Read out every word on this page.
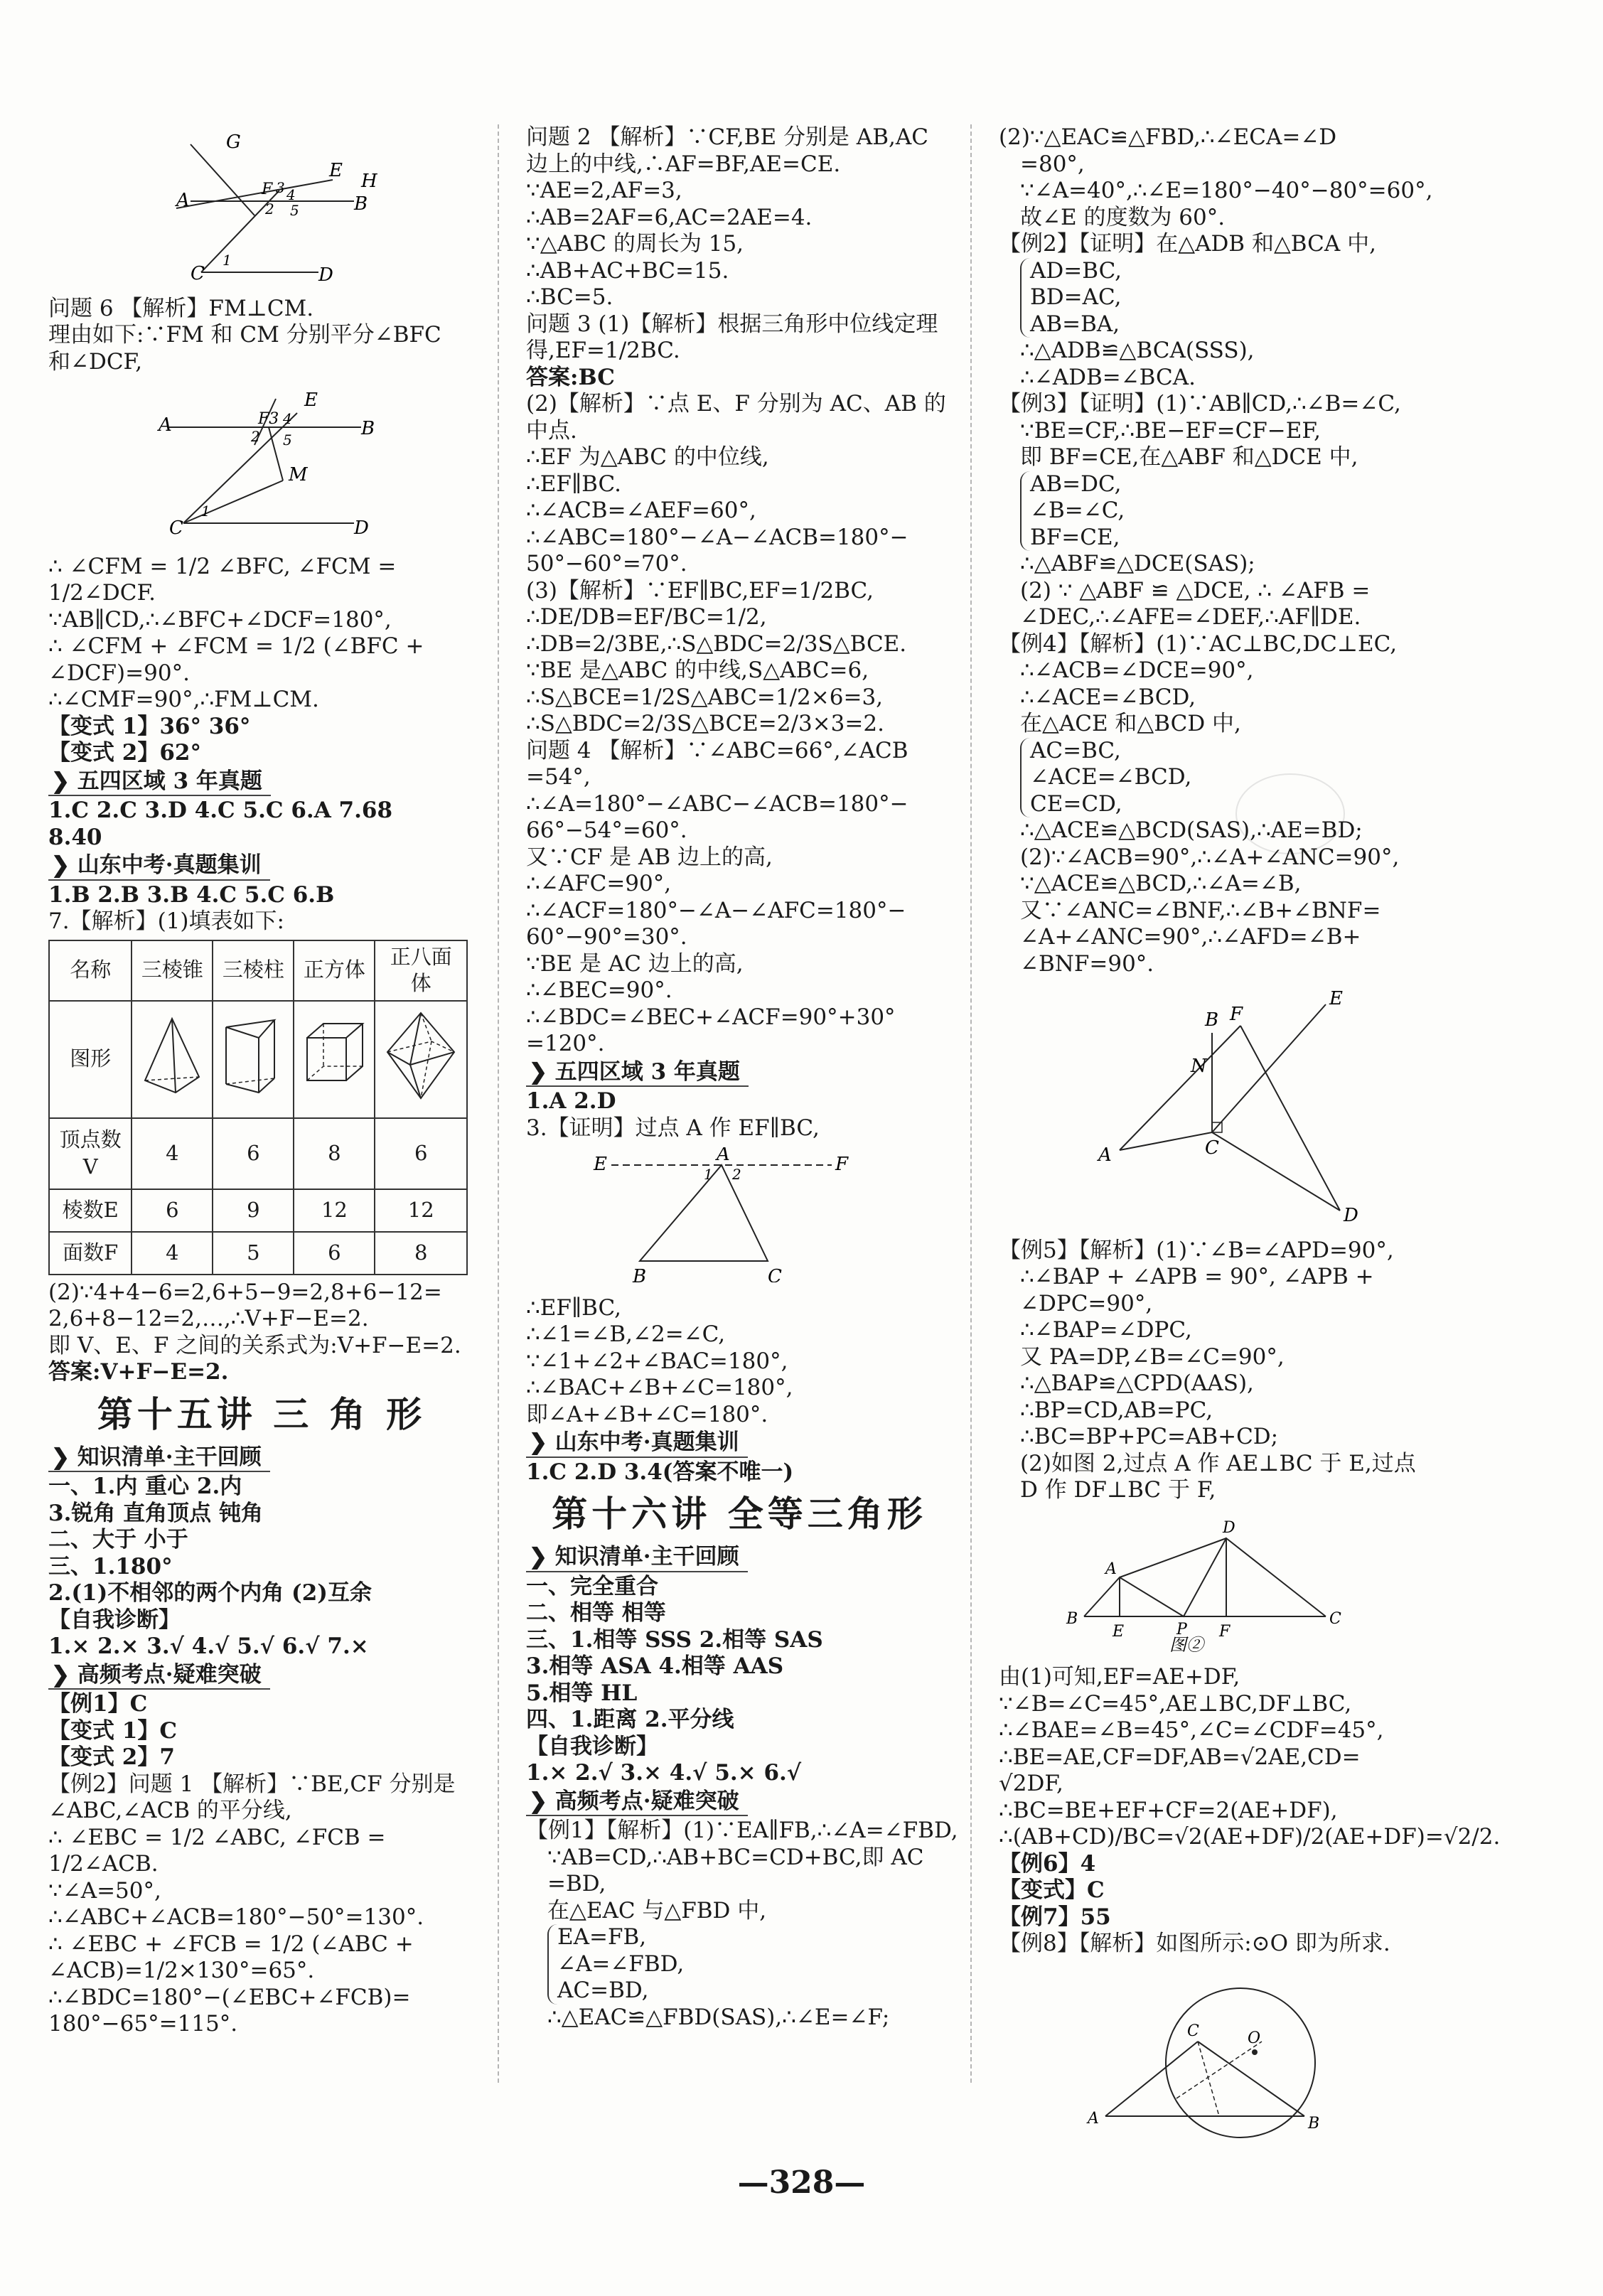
G
E H
A	B
C	D
F 3 4
2 5
1
问题 6 【解析】FM⊥CM.
理由如下:∵FM 和 CM 分别平分∠BFC
和∠DCF,
A	B
C	D
E
M
F3 4
2 5
1
∴ ∠CFM = 1/2 ∠BFC, ∠FCM =
1/2∠DCF.
∵AB∥CD,∴∠BFC+∠DCF=180°,
∴ ∠CFM + ∠FCM = 1/2 (∠BFC +
∠DCF)=90°.
∴∠CMF=90°,∴FM⊥CM.
【变式 1】36° 36°
【变式 2】62°
❯ 五四区域 3 年真题
1.C 2.C 3.D 4.C 5.C 6.A 7.68
8.40
❯ 山东中考·真题集训
1.B 2.B 3.B 4.C 5.C 6.B
7.【解析】(1)填表如下:
名称	三棱锥	三棱柱	正方体	正八面体
图形				
顶点数V	4	6	8	6
棱数E	6	9	12	12
面数F	4	5	6	8
(2)∵4+4−6=2,6+5−9=2,8+6−12=
2,6+8−12=2,…,∴V+F−E=2.
即 V、E、F 之间的关系式为:V+F−E=2.
答案:V+F−E=2.
第十五讲 三 角 形
❯ 知识清单·主干回顾
一、1.内 重心 2.内
3.锐角 直角顶点 钝角
二、大于 小于
三、1.180°
2.(1)不相邻的两个内角 (2)互余
【自我诊断】
1.× 2.× 3.√ 4.√ 5.√ 6.√ 7.×
❯ 高频考点·疑难突破
【例1】C
【变式 1】C
【变式 2】7
【例2】问题 1 【解析】∵BE,CF 分别是
∠ABC,∠ACB 的平分线,
∴ ∠EBC = 1/2 ∠ABC, ∠FCB =
1/2∠ACB.
∵∠A=50°,
∴∠ABC+∠ACB=180°−50°=130°.
∴ ∠EBC + ∠FCB = 1/2 (∠ABC +
∠ACB)=1/2×130°=65°.
∴∠BDC=180°−(∠EBC+∠FCB)=
180°−65°=115°.
问题 2 【解析】∵CF,BE 分别是 AB,AC
边上的中线,∴AF=BF,AE=CE.
∵AE=2,AF=3,
∴AB=2AF=6,AC=2AE=4.
∵△ABC 的周长为 15,
∴AB+AC+BC=15.
∴BC=5.
问题 3 (1)【解析】根据三角形中位线定理
得,EF=1/2BC.
答案:BC
(2)【解析】∵点 E、F 分别为 AC、AB 的
中点.
∴EF 为△ABC 的中位线,
∴EF∥BC.
∴∠ACB=∠AEF=60°,
∴∠ABC=180°−∠A−∠ACB=180°−
50°−60°=70°.
(3)【解析】∵EF∥BC,EF=1/2BC,
∴DE/DB=EF/BC=1/2,
∴DB=2/3BE,∴S△BDC=2/3S△BCE.
∵BE 是△ABC 的中线,S△ABC=6,
∴S△BCE=1/2S△ABC=1/2×6=3,
∴S△BDC=2/3S△BCE=2/3×3=2.
问题 4 【解析】∵∠ABC=66°,∠ACB
=54°,
∴∠A=180°−∠ABC−∠ACB=180°−
66°−54°=60°.
又∵CF 是 AB 边上的高,
∴∠AFC=90°,
∴∠ACF=180°−∠A−∠AFC=180°−
60°−90°=30°.
∵BE 是 AC 边上的高,
∴∠BEC=90°.
∴∠BDC=∠BEC+∠ACF=90°+30°
=120°.
❯ 五四区域 3 年真题
1.A 2.D
3.【证明】过点 A 作 EF∥BC,
E	F
A
B	C
1 2
∴EF∥BC,
∴∠1=∠B,∠2=∠C,
∵∠1+∠2+∠BAC=180°,
∴∠BAC+∠B+∠C=180°,
即∠A+∠B+∠C=180°.
❯ 山东中考·真题集训
1.C 2.D 3.4(答案不唯一)
第十六讲 全等三角形
❯ 知识清单·主干回顾
一、完全重合
二、相等 相等
三、1.相等 SSS 2.相等 SAS
3.相等 ASA 4.相等 AAS
5.相等 HL
四、1.距离 2.平分线
【自我诊断】
1.× 2.√ 3.× 4.√ 5.× 6.√
❯ 高频考点·疑难突破
【例1】【解析】(1)∵EA∥FB,∴∠A=∠FBD,
∵AB=CD,∴AB+BC=CD+BC,即 AC
=BD,
在△EAC 与△FBD 中,
EA=FB,
∠A=∠FBD,
AC=BD,
∴△EAC≌△FBD(SAS),∴∠E=∠F;
(2)∵△EAC≌△FBD,∴∠ECA=∠D
=80°,
∵∠A=40°,∴∠E=180°−40°−80°=60°,
故∠E 的度数为 60°.
【例2】【证明】在△ADB 和△BCA 中,
AD=BC,
BD=AC,
AB=BA,
∴△ADB≌△BCA(SSS),
∴∠ADB=∠BCA.
【例3】【证明】(1)∵AB∥CD,∴∠B=∠C,
∵BE=CF,∴BE−EF=CF−EF,
即 BF=CE,在△ABF 和△DCE 中,
AB=DC,
∠B=∠C,
BF=CE,
∴△ABF≌△DCE(SAS);
(2) ∵ △ABF ≌ △DCE, ∴ ∠AFB =
∠DEC,∴∠AFE=∠DEF,∴AF∥DE.
【例4】【解析】(1)∵AC⊥BC,DC⊥EC,
∴∠ACB=∠DCE=90°,
∴∠ACE=∠BCD,
在△ACE 和△BCD 中,
AC=BC,
∠ACE=∠BCD,
CE=CD,
∴△ACE≌△BCD(SAS),∴AE=BD;
(2)∵∠ACB=90°,∴∠A+∠ANC=90°,
∵△ACE≌△BCD,∴∠A=∠B,
又∵∠ANC=∠BNF,∴∠B+∠BNF=
∠A+∠ANC=90°,∴∠AFD=∠B+
∠BNF=90°.
A	C
B F
E
N
D
【例5】【解析】(1)∵∠B=∠APD=90°,
∴∠BAP + ∠APB = 90°, ∠APB +
∠DPC=90°,
∴∠BAP=∠DPC,
又 PA=DP,∠B=∠C=90°,
∴△BAP≌△CPD(AAS),
∴BP=CD,AB=PC,
∴BC=BP+PC=AB+CD;
(2)如图 2,过点 A 作 AE⊥BC 于 E,过点
D 作 DF⊥BC 于 F,
B
A
E	P F
D
C
图②
由(1)可知,EF=AE+DF,
∵∠B=∠C=45°,AE⊥BC,DF⊥BC,
∴∠BAE=∠B=45°,∠C=∠CDF=45°,
∴BE=AE,CF=DF,AB=√2AE,CD=
√2DF,
∴BC=BE+EF+CF=2(AE+DF),
∴(AB+CD)/BC=√2(AE+DF)/2(AE+DF)=√2/2.
【例6】4
【变式】C
【例7】55
【例8】【解析】如图所示:⊙O 即为所求.
A	B
C	O
—328—
